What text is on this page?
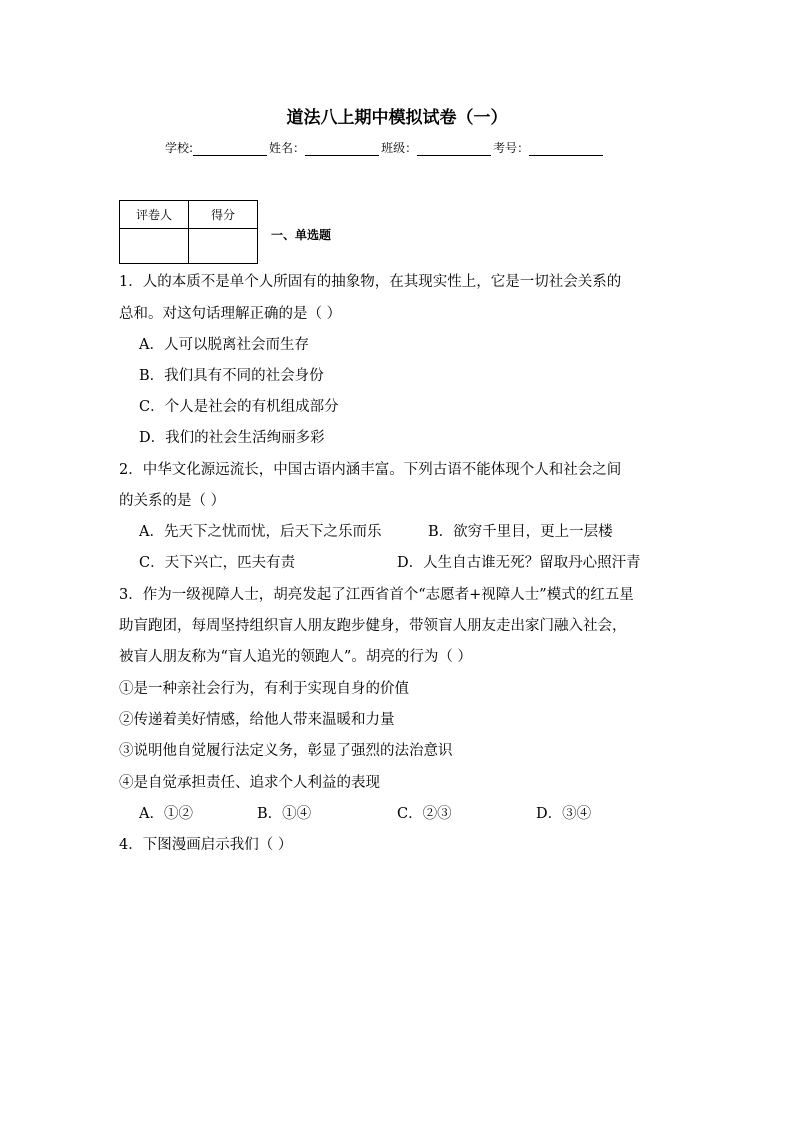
道法八上期中模拟试卷（一）
学校:	姓名：	班级：	考号：
评卷人	得分

一、单选题
1．人的本质不是单个人所固有的抽象物，在其现实性上，它是一切社会关系的
总和。对这句话理解正确的是（ ）
A．人可以脱离社会而生存
B．我们具有不同的社会身份
C．个人是社会的有机组成部分
D．我们的社会生活绚丽多彩
2．中华文化源远流长，中国古语内涵丰富。下列古语不能体现个人和社会之间
的关系的是（ ）
A．先天下之忧而忧，后天下之乐而乐	B．欲穷千里目，更上一层楼
C．天下兴亡，匹夫有责	D．人生自古谁无死？留取丹心照汗青
3．作为一级视障人士，胡亮发起了江西省首个“志愿者+视障人士”模式的红五星
助盲跑团，每周坚持组织盲人朋友跑步健身，带领盲人朋友走出家门融入社会，
被盲人朋友称为“盲人追光的领跑人”。胡亮的行为（ ）
①是一种亲社会行为，有利于实现自身的价值
②传递着美好情感，给他人带来温暖和力量
③说明他自觉履行法定义务，彰显了强烈的法治意识
④是自觉承担责任、追求个人利益的表现
A．①②	B．①④	C．②③	D．③④
4．下图漫画启示我们（ ）
